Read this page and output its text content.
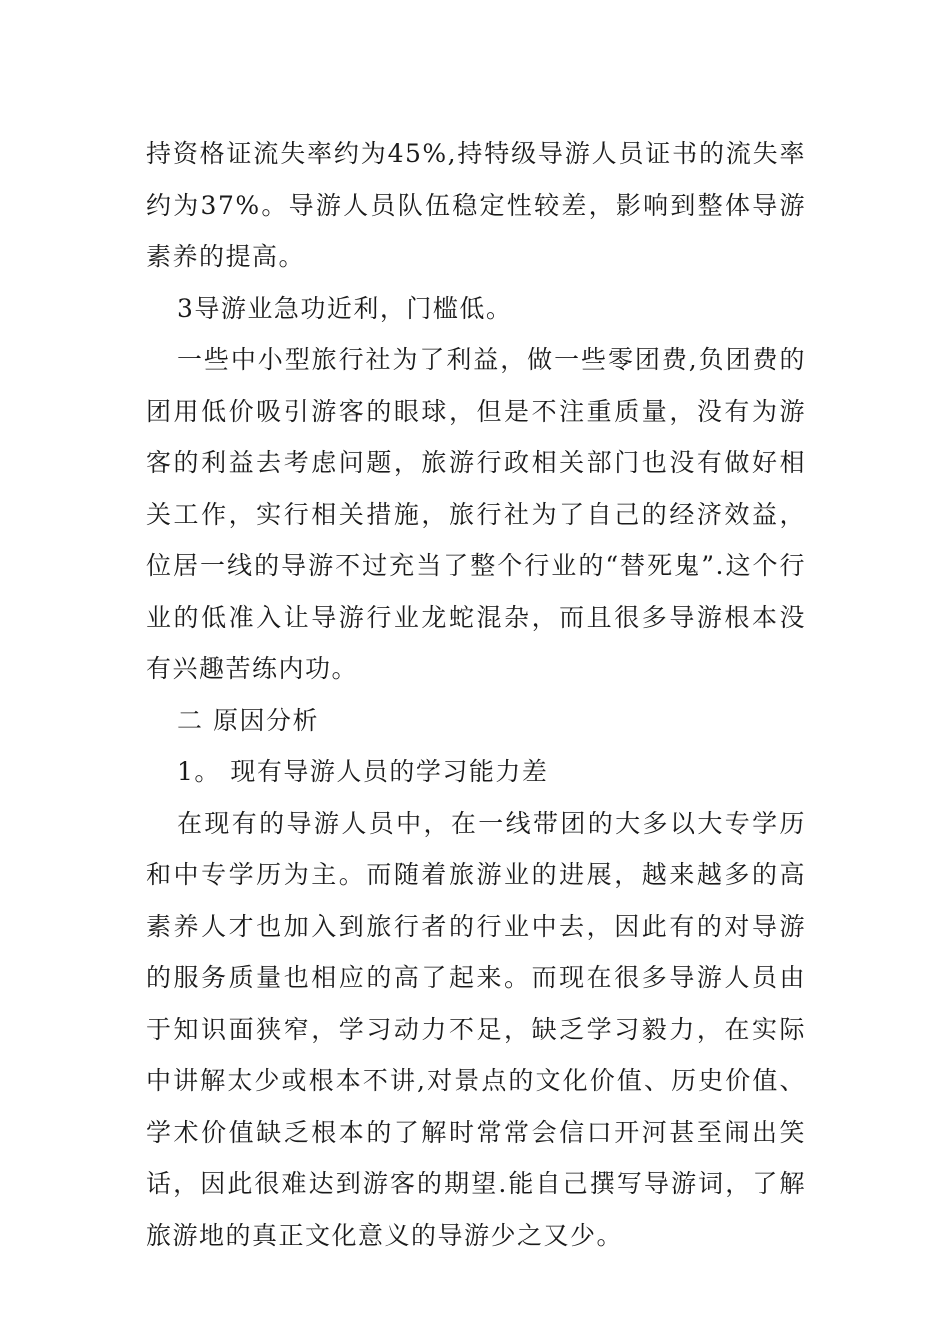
持资格证流失率约为45%,持特级导游人员证书的流失率约为37%。导游人员队伍稳定性较差，影响到整体导游素养的提高。

3导游业急功近利，门槛低。

一些中小型旅行社为了利益，做一些零团费,负团费的团用低价吸引游客的眼球，但是不注重质量，没有为游客的利益去考虑问题，旅游行政相关部门也没有做好相关工作，实行相关措施，旅行社为了自己的经济效益，位居一线的导游不过充当了整个行业的“替死鬼”.这个行业的低准入让导游行业龙蛇混杂，而且很多导游根本没有兴趣苦练内功。

二 原因分析

1。 现有导游人员的学习能力差

在现有的导游人员中，在一线带团的大多以大专学历和中专学历为主。而随着旅游业的进展，越来越多的高素养人才也加入到旅行者的行业中去，因此有的对导游的服务质量也相应的高了起来。而现在很多导游人员由于知识面狭窄，学习动力不足，缺乏学习毅力，在实际中讲解太少或根本不讲,对景点的文化价值、历史价值、学术价值缺乏根本的了解时常常会信口开河甚至闹出笑话，因此很难达到游客的期望.能自己撰写导游词，了解旅游地的真正文化意义的导游少之又少。
